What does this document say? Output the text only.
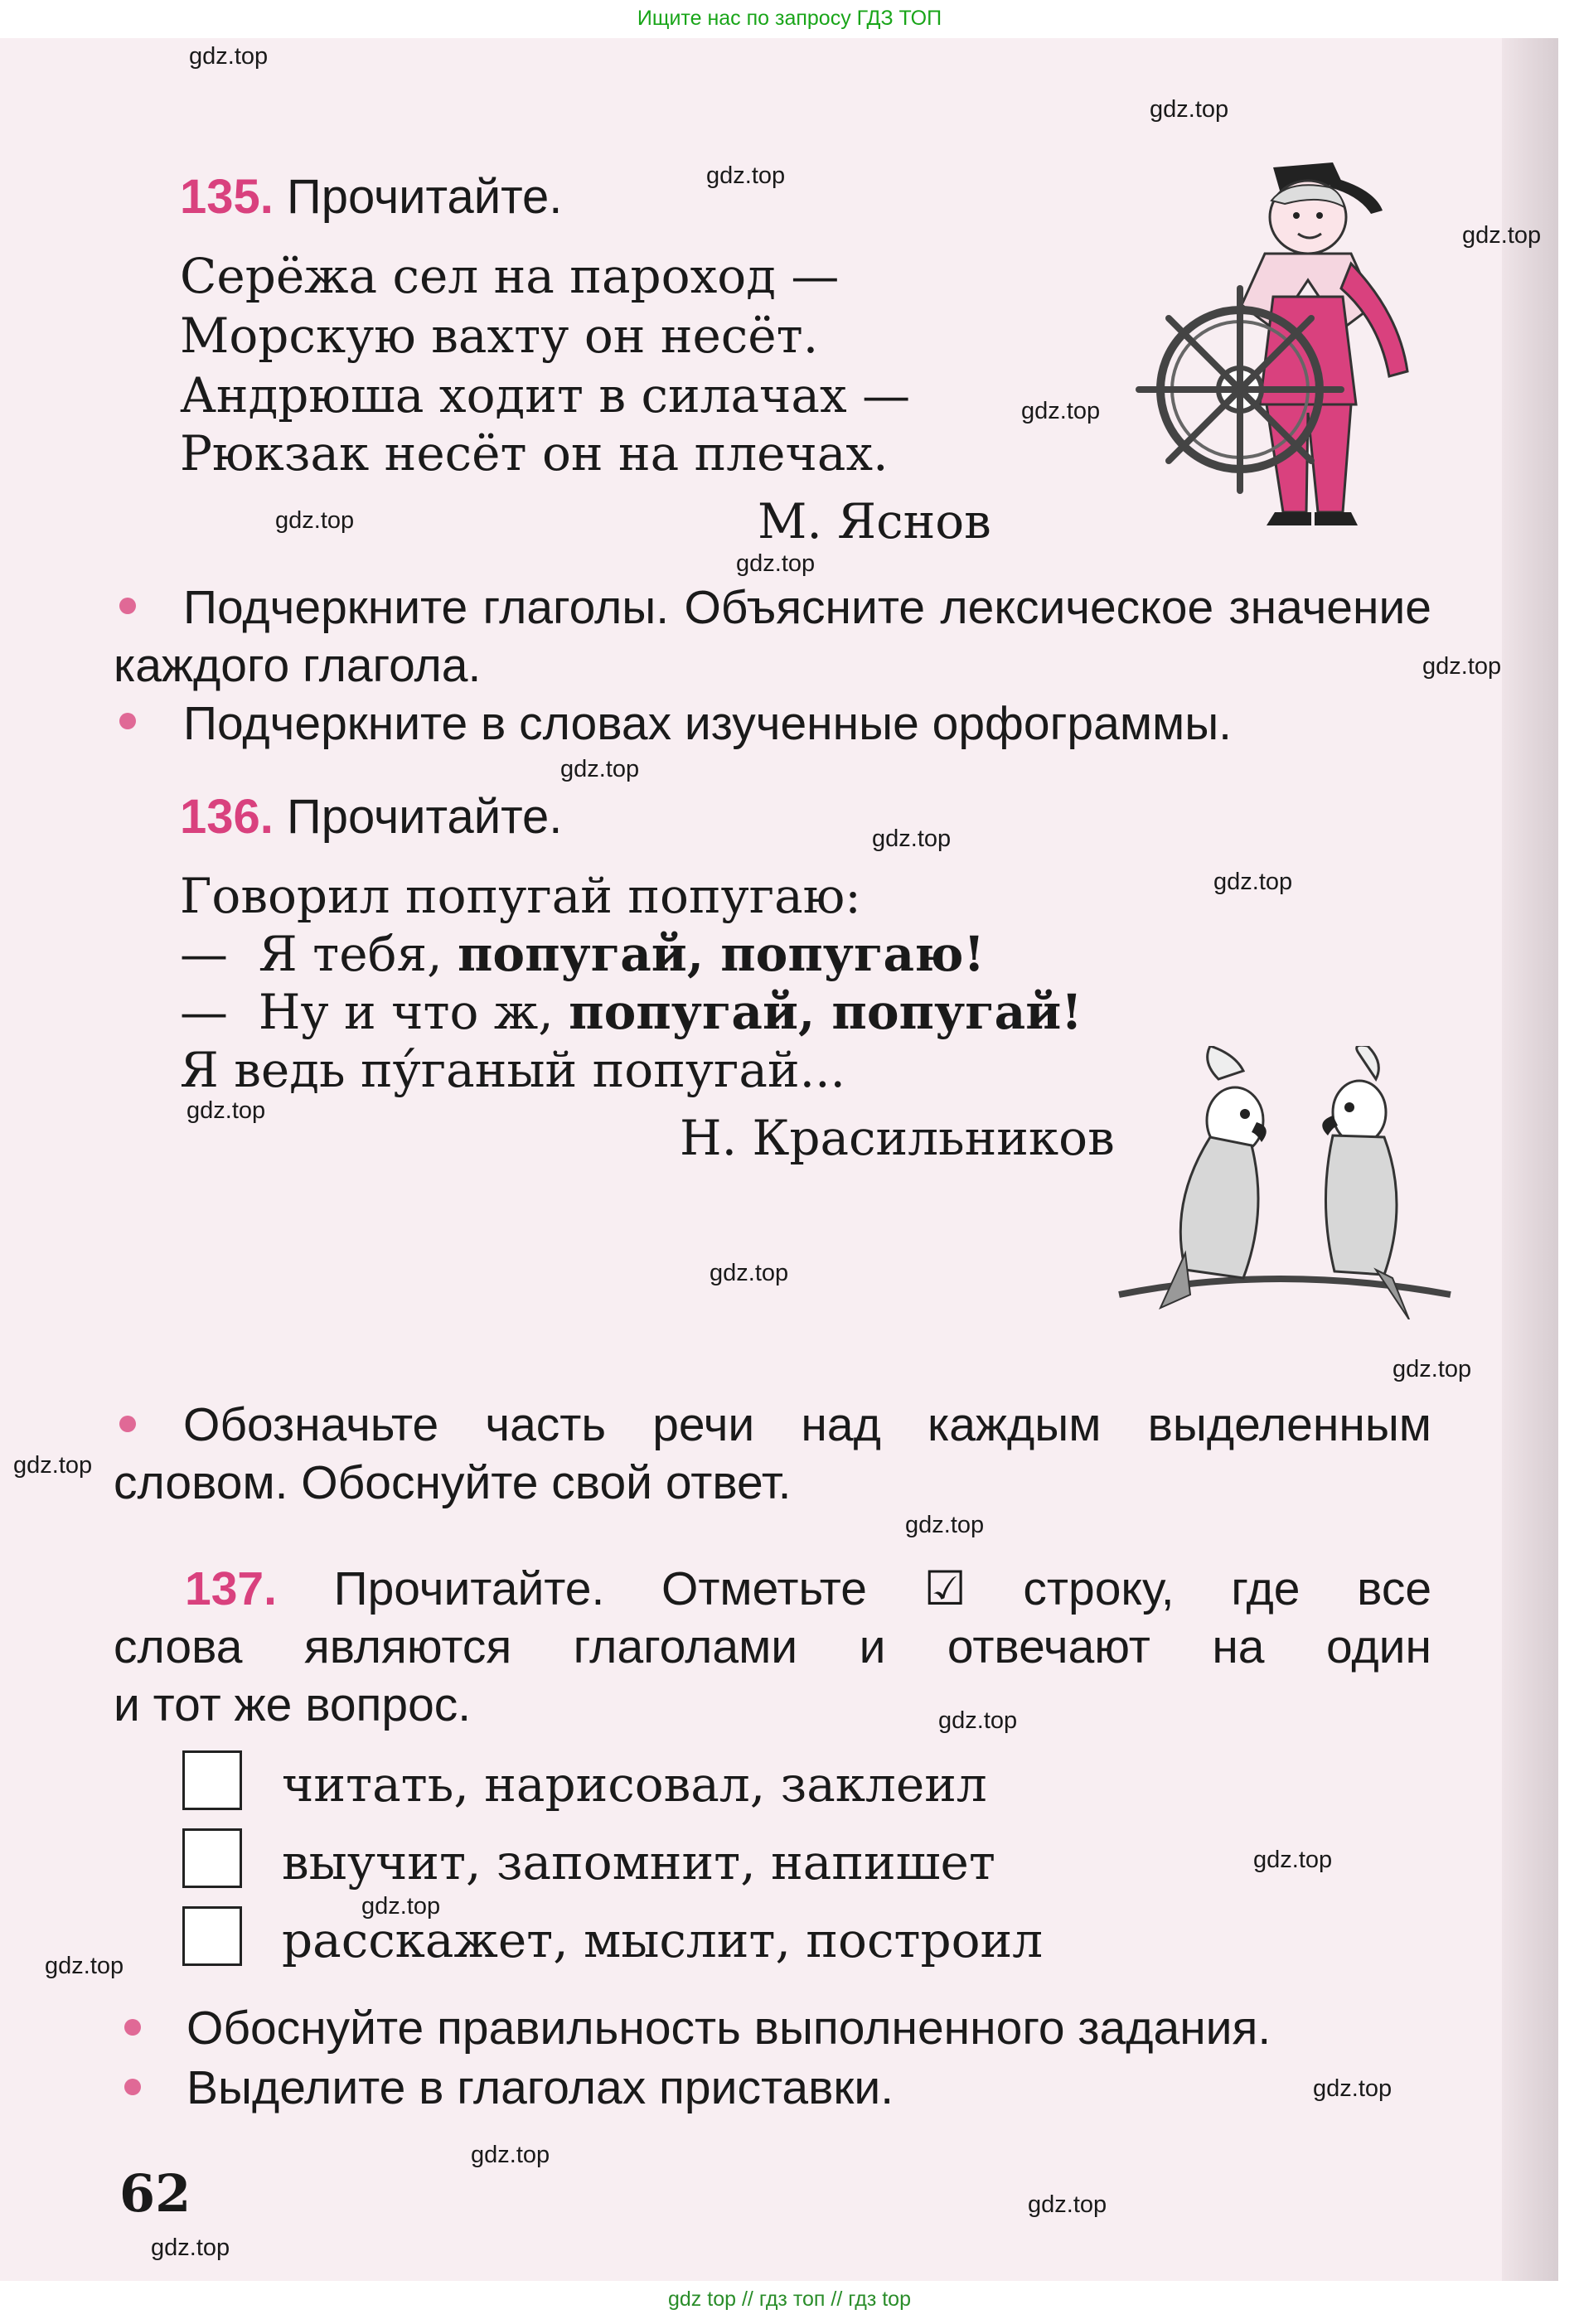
Ищите нас по запросу ГДЗ ТОП
gdz.top
gdz.top
gdz.top
gdz.top
gdz.top
gdz.top
gdz.top
gdz.top
gdz.top
gdz.top
gdz.top
gdz.top
gdz.top
gdz.top
gdz.top
gdz.top
gdz.top
gdz.top
gdz.top
gdz.top
gdz.top
gdz.top
gdz.top
gdz.top
135. Прочитайте.
Серёжа сел на пароход —
Морскую вахту он несёт.
Андрюша ходит в силачах —
Рюкзак несёт он на плечах.
М. Яснов
Подчеркните глаголы. Объясните лексическое значение каждого глагола.
Подчеркните в словах изученные орфограммы.
136. Прочитайте.
Говорил попугай попугаю:
— Я тебя, попугай, попугаю!
— Ну и что ж, попугай, попугай!
Я ведь пу́ганый попугай...
Н. Красильников
Обозначьте часть речи над каждым выделенным словом. Обоснуйте свой ответ.
137. Прочитайте. Отметьте ☑ строку, где все
слова являются глаголами и отвечают на один
и тот же вопрос.
читать, нарисовал, заклеил
выучит, запомнит, напишет
расскажет, мыслит, построил
Обоснуйте правильность выполненного задания.
Выделите в глаголах приставки.
62
gdz top // гдз топ // гдз top
